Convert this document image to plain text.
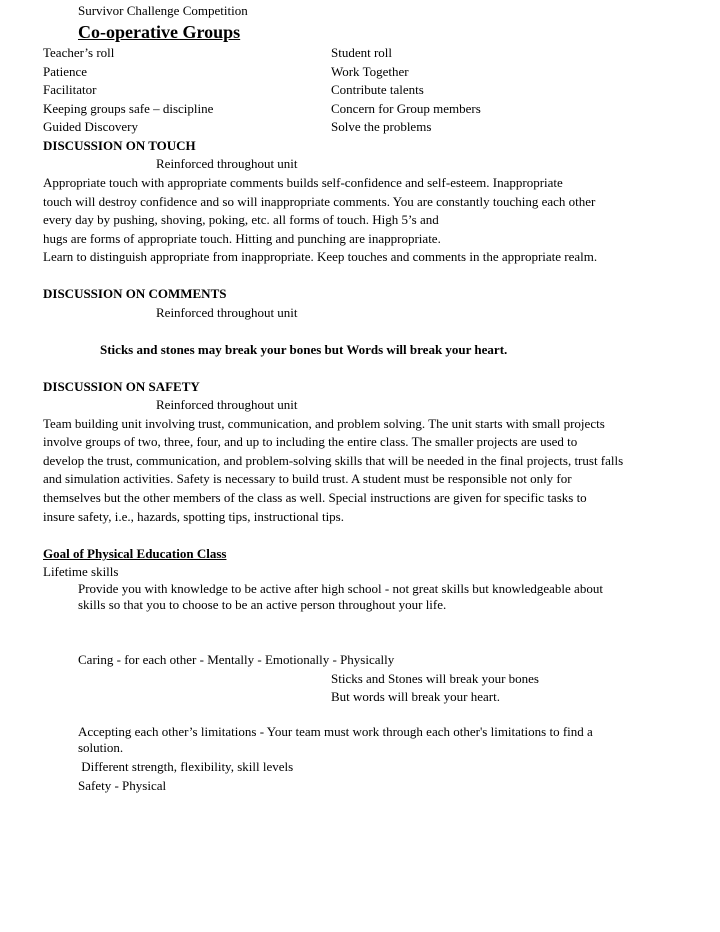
Survivor Challenge Competition
Co-operative Groups
Teacher’s roll
Patience
Facilitator
Keeping groups safe – discipline
Guided Discovery
Student roll
Work Together
Contribute talents
Concern for Group members
Solve the problems
DISCUSSION ON TOUCH
Reinforced throughout unit
Appropriate touch with appropriate comments builds self-confidence and self-esteem. Inappropriate
touch will destroy confidence and so will inappropriate comments. You are constantly touching each other
every day by pushing, shoving, poking, etc. all forms of touch. High 5’s and
hugs are forms of appropriate touch. Hitting and punching are inappropriate.
Learn to distinguish appropriate from inappropriate. Keep touches and comments in the appropriate realm.
DISCUSSION ON COMMENTS
Reinforced throughout unit
Sticks and stones may break your bones but Words will break your heart.
DISCUSSION ON SAFETY
Reinforced throughout unit
Team building unit involving trust, communication, and problem solving. The unit starts with small projects
involve groups of two, three, four, and up to including the entire class. The smaller projects are used to
develop the trust, communication, and problem-solving skills that will be needed in the final projects, trust falls
and simulation activities. Safety is necessary to build trust. A student must be responsible not only for
themselves but the other members of the class as well. Special instructions are given for specific tasks to
insure safety, i.e., hazards, spotting tips, instructional tips.
Goal of Physical Education Class
Lifetime skills
Provide you with knowledge to be active after high school - not great skills but knowledgeable about
skills so that you to choose to be an active person throughout your life.
Caring - for each other - Mentally - Emotionally - Physically
Sticks and Stones will break your bones
But words will break your heart.
Accepting each other’s limitations - Your team must work through each other's limitations to find a
solution.
Different strength, flexibility, skill levels
Safety - Physical
